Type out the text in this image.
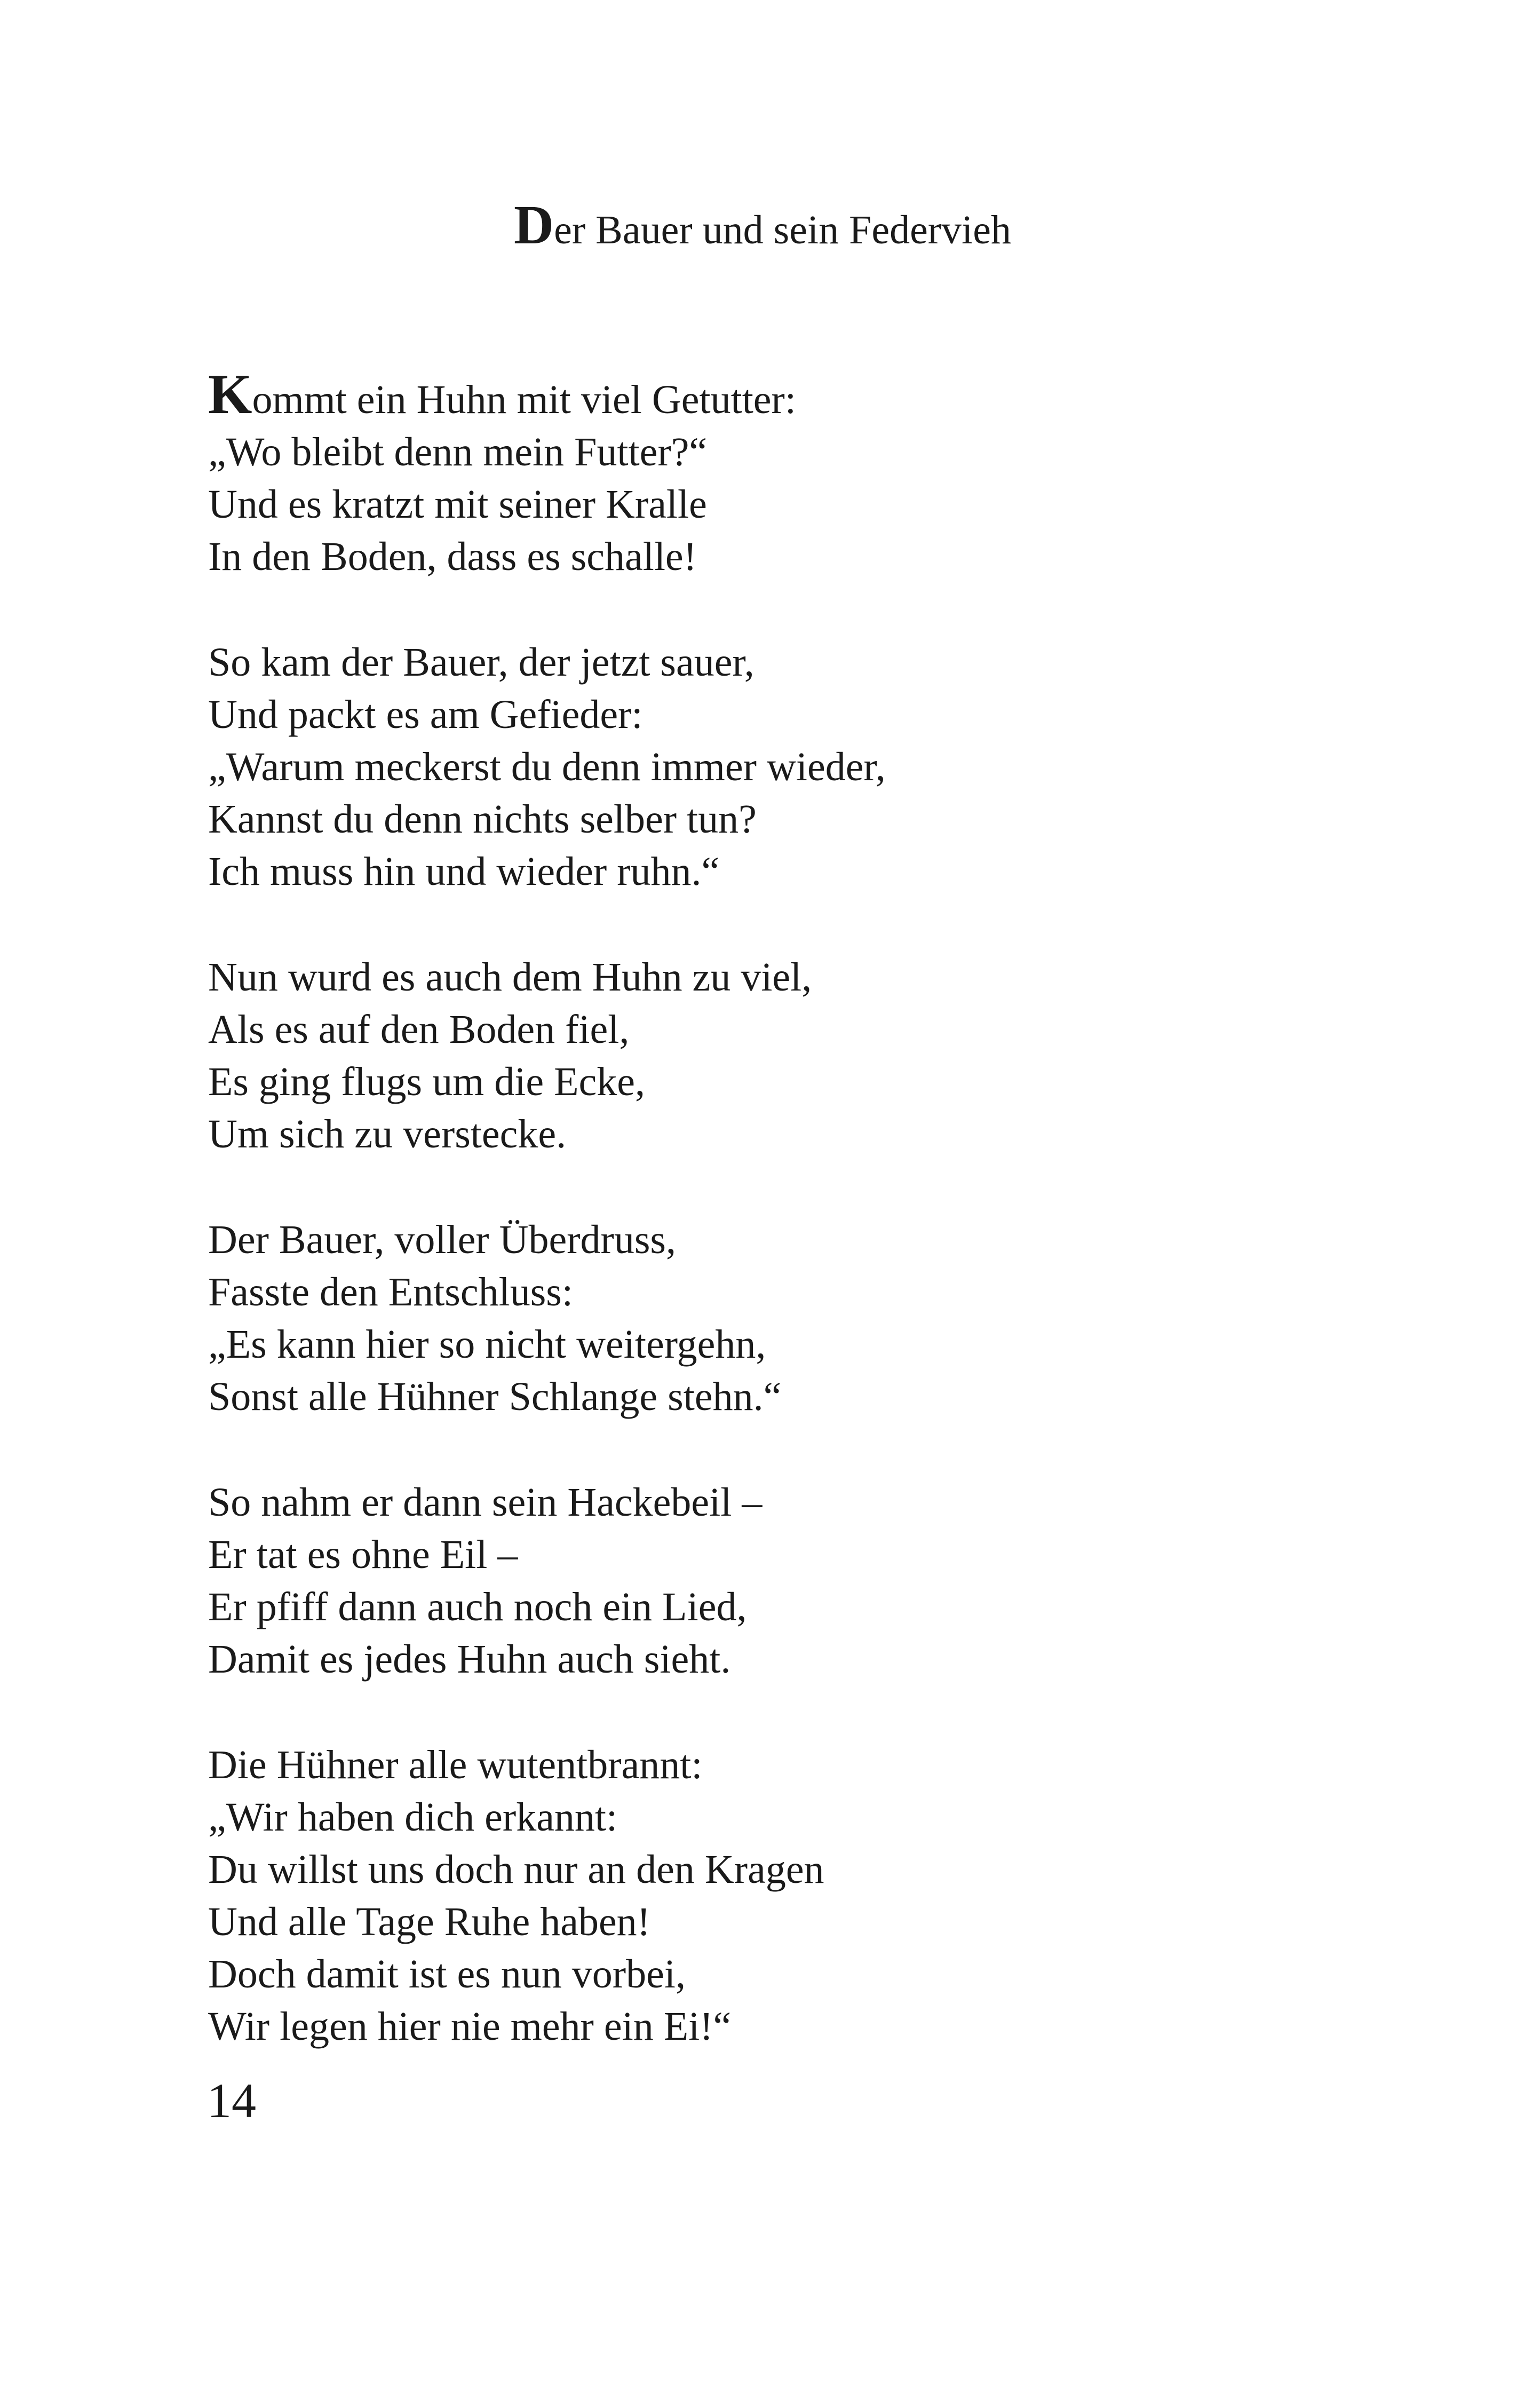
Der Bauer und sein Federvieh
Kommt ein Huhn mit viel Getutter:
„Wo bleibt denn mein Futter?“
Und es kratzt mit seiner Kralle
In den Boden, dass es schalle!
So kam der Bauer, der jetzt sauer,
Und packt es am Gefieder:
„Warum meckerst du denn immer wieder,
Kannst du denn nichts selber tun?
Ich muss hin und wieder ruhn.“
Nun wurd es auch dem Huhn zu viel,
Als es auf den Boden fiel,
Es ging flugs um die Ecke,
Um sich zu verstecke.
Der Bauer, voller Überdruss,
Fasste den Entschluss:
„Es kann hier so nicht weitergehn,
Sonst alle Hühner Schlange stehn.“
So nahm er dann sein Hackebeil –
Er tat es ohne Eil –
Er pfiff dann auch noch ein Lied,
Damit es jedes Huhn auch sieht.
Die Hühner alle wutentbrannt:
„Wir haben dich erkannt:
Du willst uns doch nur an den Kragen
Und alle Tage Ruhe haben!
Doch damit ist es nun vorbei,
Wir legen hier nie mehr ein Ei!“

14
